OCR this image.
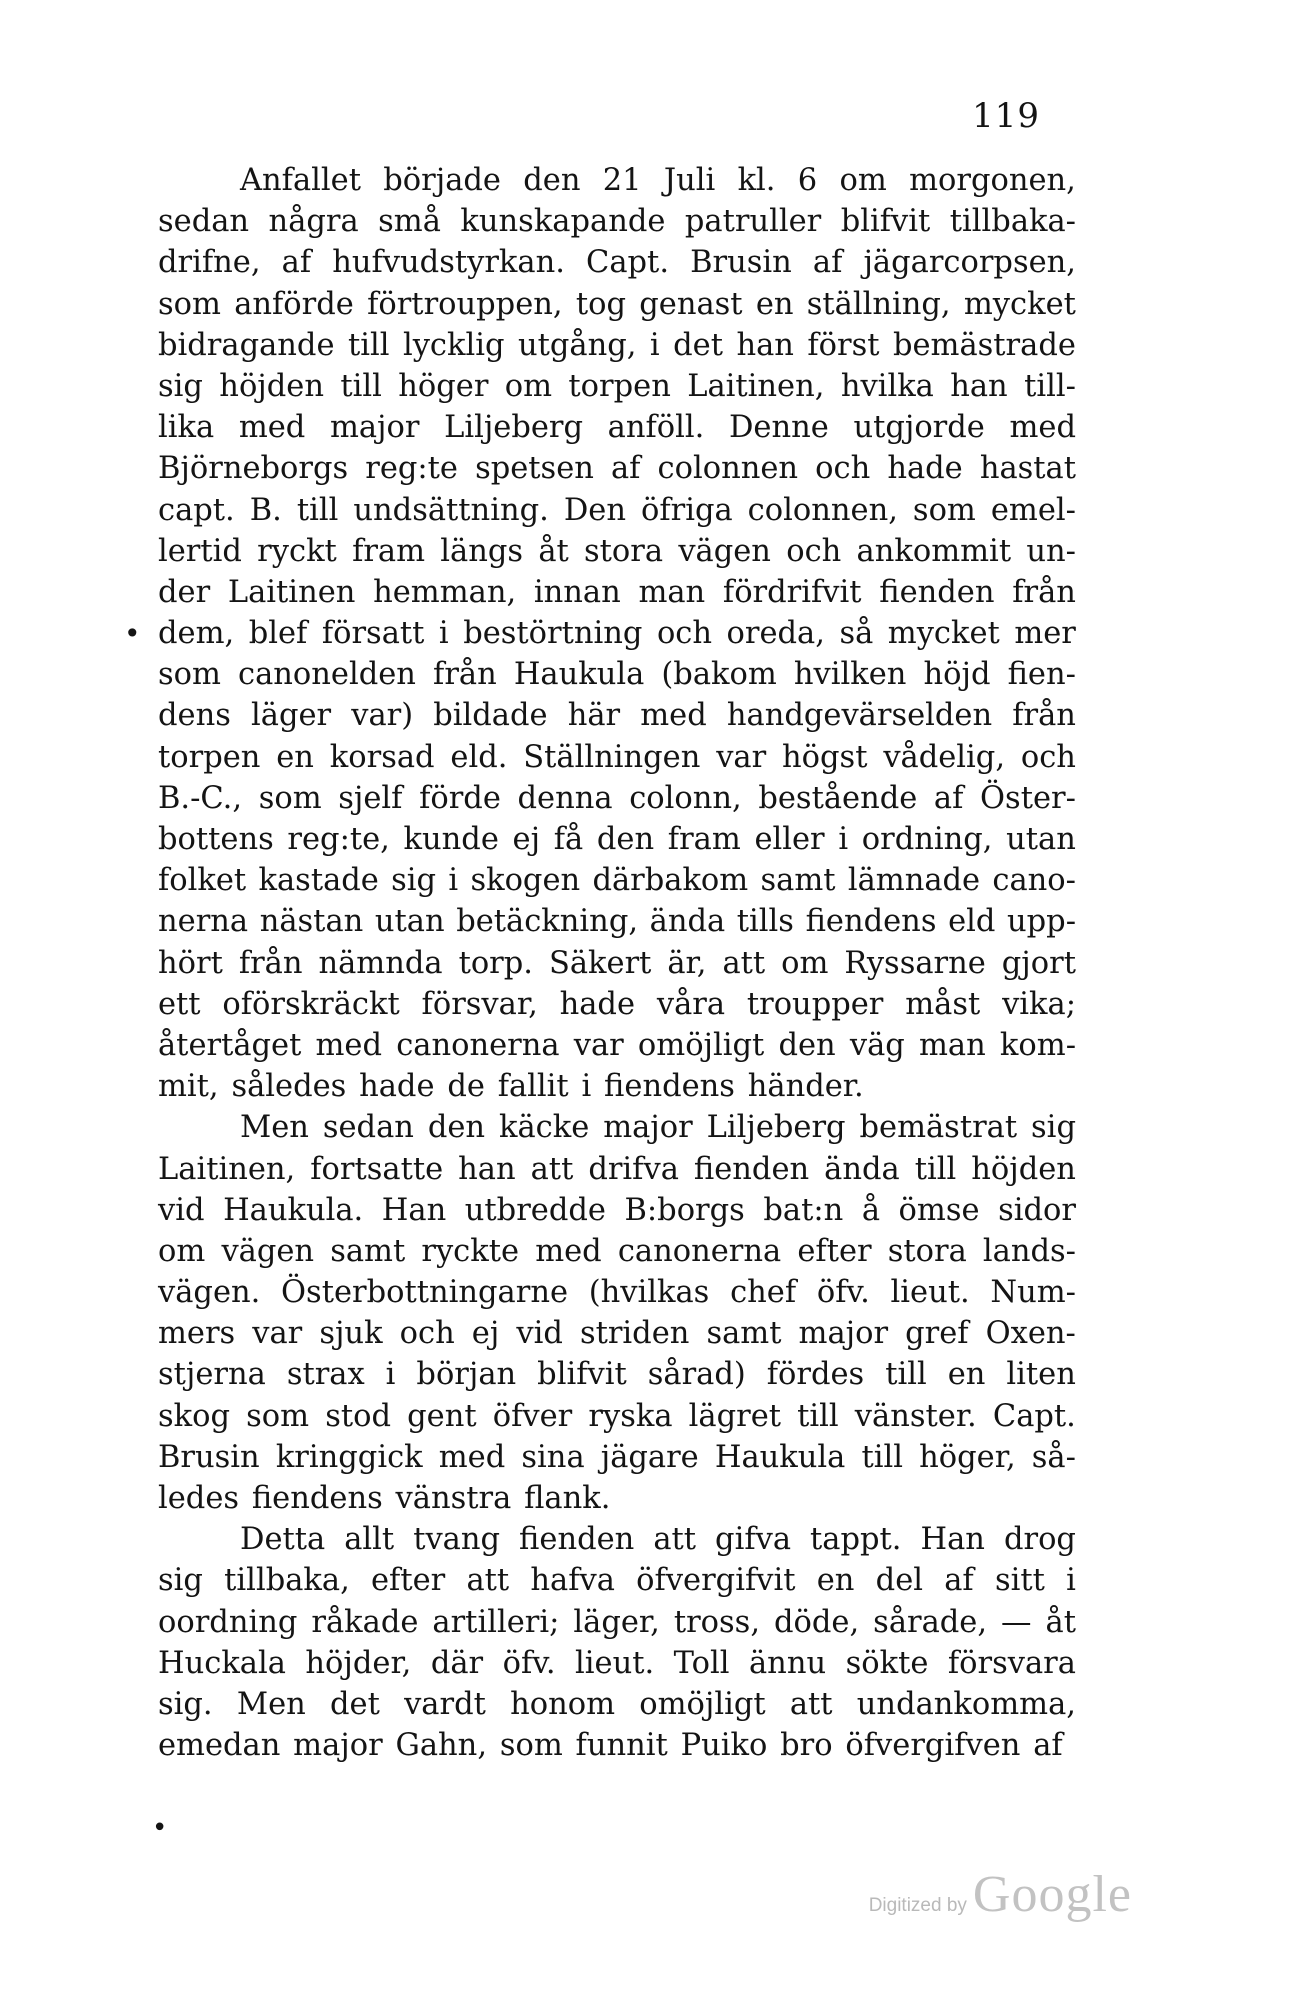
119
•
Anfallet började den 21 Juli kl. 6 om morgonen,
sedan några små kunskapande patruller blifvit tillbaka-
drifne, af hufvudstyrkan. Capt. Brusin af jägarcorpsen,
som anförde förtrouppen, tog genast en ställning, mycket
bidragande till lycklig utgång, i det han först bemästrade
sig höjden till höger om torpen Laitinen, hvilka han till-
lika med major Liljeberg anföll. Denne utgjorde med
Björneborgs reg:te spetsen af colonnen och hade hastat
capt. B. till undsättning. Den öfriga colonnen, som emel-
lertid ryckt fram längs åt stora vägen och ankommit un-
der Laitinen hemman, innan man fördrifvit fienden från
dem, blef försatt i bestörtning och oreda, så mycket mer
som canonelden från Haukula (bakom hvilken höjd fien-
dens läger var) bildade här med handgevärselden från
torpen en korsad eld. Ställningen var högst vådelig, och
B.-C., som sjelf förde denna colonn, bestående af Öster-
bottens reg:te, kunde ej få den fram eller i ordning, utan
folket kastade sig i skogen därbakom samt lämnade cano-
nerna nästan utan betäckning, ända tills fiendens eld upp-
hört från nämnda torp. Säkert är, att om Ryssarne gjort
ett oförskräckt försvar, hade våra troupper måst vika;
återtåget med canonerna var omöjligt den väg man kom-
mit, således hade de fallit i fiendens händer.
Men sedan den käcke major Liljeberg bemästrat sig
Laitinen, fortsatte han att drifva fienden ända till höjden
vid Haukula. Han utbredde B:borgs bat:n å ömse sidor
om vägen samt ryckte med canonerna efter stora lands-
vägen. Österbottningarne (hvilkas chef öfv. lieut. Num-
mers var sjuk och ej vid striden samt major gref Oxen-
stjerna strax i början blifvit sårad) fördes till en liten
skog som stod gent öfver ryska lägret till vänster. Capt.
Brusin kringgick med sina jägare Haukula till höger, så-
ledes fiendens vänstra flank.
Detta allt tvang fienden att gifva tappt. Han drog
sig tillbaka, efter att hafva öfvergifvit en del af sitt i
oordning råkade artilleri; läger, tross, döde, sårade, — åt
Huckala höjder, där öfv. lieut. Toll ännu sökte försvara
sig. Men det vardt honom omöjligt att undankomma,
emedan major Gahn, som funnit Puiko bro öfvergifven af
•
Digitized by Google
